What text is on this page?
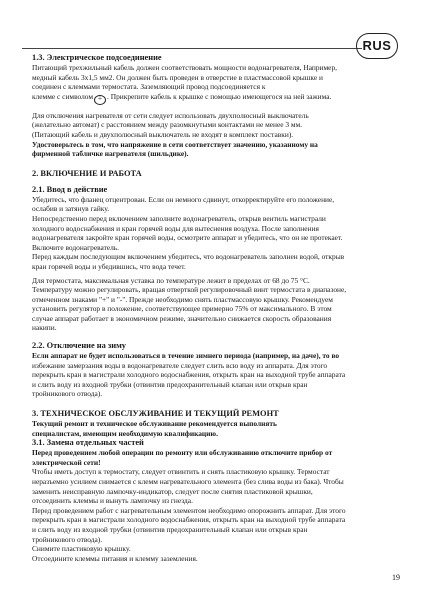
RUS
1.3. Электрическое подсоединение
Питающий трехжильный кабель должен соответствовать мощности водонагревателя, Например,
медный кабель 3х1,5 мм2. Он должен быть проведен в отверстие в пластмассовой крышке и
соединен с клеммами термостата. Заземляющий провод подсоединяется к
клемме с символом ⏚ . Прикрепите кабель к крышке с помощью имеющегося на ней зажима.
Для отключения нагревателя от сети следует использовать двухполюсный выключатель
(желательно автомат) с расстоянием между разомкнутыми контактами не менее 3 мм.
(Питающий кабель и двухполюсный выключатель не входят в комплект поставки).
Удостоверьтесь в том, что напряжение в сети соответствует значению, указанному на
фирменной табличке нагревателя (шильдике).
2. ВКЛЮЧЕНИЕ И РАБОТА
2.1. Ввод в действие
Убедитесь, что фланец отцентрован. Если он немного сдвинут, откорректируйте его положение,
ослабив и затянув гайку.
Непосредственно перед включением заполните водонагреватель, открыв вентиль магистрали
холодного водоснабжения и кран горячей воды для вытеснения воздуха. После заполнения
водонагревателя закройте кран горячей воды, осмотрите аппарат и убедитесь, что он не протекает.
Включите водонагреватель.
Перед каждым последующим включением убедитесь, что водонагреватель заполнен водой, открыв
кран горячей воды и убедившись, что вода течет.
Для термостата, максимальная уставка по температуре лежит в пределах от 68 до 75 °С.
Температуру можно регулировать, вращая отверткой регулировочный винт термостата в диапазоне,
отмеченном знаками "+" и "-". Прежде необходимо снять пластмассовую крышку. Рекомендуем
установить регулятор в положение, соответствующее примерно 75% от максимального. В этом
случае аппарат работает в экономичном режиме, значительно снижается скорость образования
накипи.
2.2. Отключение на зиму
Если аппарат не будет использоваться в течение зимнего периода (например, на даче), то во
избежание замерзания воды в водонагревателе следует слить всю воду из аппарата. Для этого
перекрыть кран в магистрали холодного водоснабжения, открыть кран на выходной трубе аппарата
и слить воду из входной трубки (отвинтив предохранительный клапан или открыв кран
тройникового отвода).
3. ТЕХНИЧЕСКОЕ ОБСЛУЖИВАНИЕ И ТЕКУЩИЙ РЕМОНТ
Текущий ремонт и техническое обслуживание рекомендуется выполнять
специалистам, имеющим необходимую квалификацию.
3.1. Замена отдельных частей
Перед проведением любой операции по ремонту или обслуживанию отключите прибор от
электрической сети!
Чтобы иметь доступ к термостату, следует отвинтить и снять пластиковую крышку. Термостат
неразъемно усилием снимается с клемм нагревательного элемента (без слива воды из бака). Чтобы
заменить неисправную лампочку-индикатор, следует после снятия пластиковой крышки,
отсоединить клеммы и вынуть лампочку из гнезда.
Перед проведением работ с нагревательным элементом необходимо опорожнить аппарат. Для этого
перекрыть кран в магистрали холодного водоснабжения, открыть кран на выходной трубе аппарата
и слить воду из входной трубки (отвинтив предохранительный клапан или открыв кран
тройникового отвода).
Снимите пластиковую крышку.
Отсоедините клеммы питания и клемму заземления.
19
